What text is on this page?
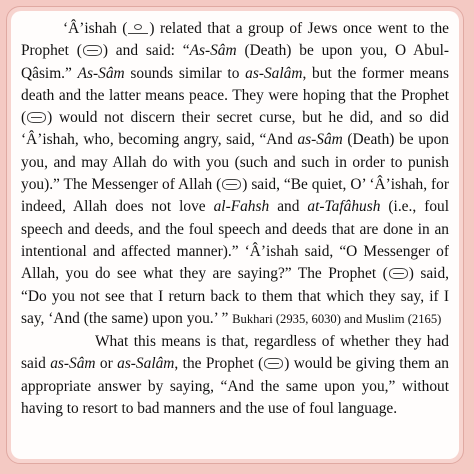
‘Â’ishah ( ) related that a group of Jews once went to the Prophet ( ) and said: “As-Sâm (Death) be upon you, O Abul-Qâsim.” As-Sâm sounds similar to as-Salâm, but the former means death and the latter means peace. They were hoping that the Prophet ( ) would not discern their secret curse, but he did, and so did ‘Â’ishah, who, becoming angry, said, “And as-Sâm (Death) be upon you, and may Allah do with you (such and such in order to punish you).” The Messenger of Allah ( ) said, “Be quiet, O’ ‘Â’ishah, for indeed, Allah does not love al-Fahsh and at-Tafâhush (i.e., foul speech and deeds, and the foul speech and deeds that are done in an intentional and affected manner).” ‘Â’ishah said, “O Messenger of Allah, you do see what they are saying?” The Prophet ( ) said, “Do you not see that I return back to them that which they say, if I say, ‘And (the same) upon you.’ ” Bukhari (2935, 6030) and Muslim (2165)

What this means is that, regardless of whether they had said as-Sâm or as-Salâm, the Prophet ( ) would be giving them an appropriate answer by saying, “And the same upon you,” without having to resort to bad manners and the use of foul language.
